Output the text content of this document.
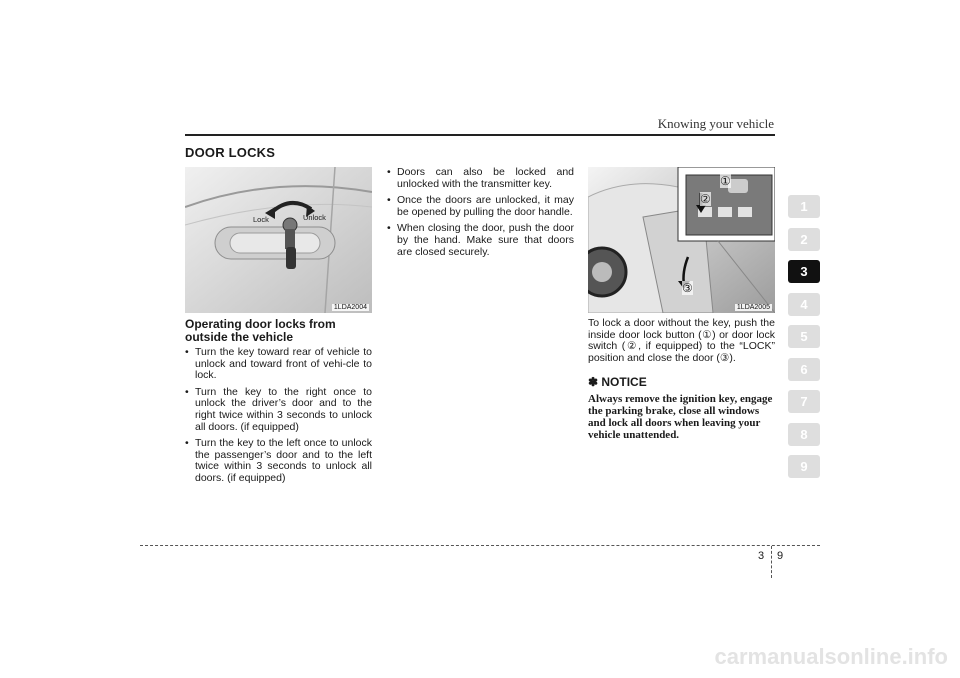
Knowing your vehicle
DOOR LOCKS
Lock	Unlock
1LDA2004
Operating door locks from outside the vehicle
• Turn the key toward rear of vehicle to unlock and toward front of vehi-cle to lock.
• Turn the key to the right once to unlock the driver’s door and to the right twice within 3 seconds to unlock all doors. (if equipped)
• Turn the key to the left once to unlock the passenger’s door and to the left twice within 3 seconds to unlock all doors. (if equipped)
• Doors can also be locked and unlocked with the transmitter key.
• Once the doors are unlocked, it may be opened by pulling the door handle.
• When closing the door, push the door by the hand. Make sure that doors are closed securely.
①
②
③
1LDA2005

To lock a door without the key, push the inside door lock button (①) or door lock switch (②, if equipped) to the “LOCK” position and close the door (③).

✽ NOTICE
Always remove the ignition key, engage the parking brake, close all windows and lock all doors when leaving your vehicle unattended.
1
2
3
4
5
6
7
8
9
3 9
carmanualsonline.info
